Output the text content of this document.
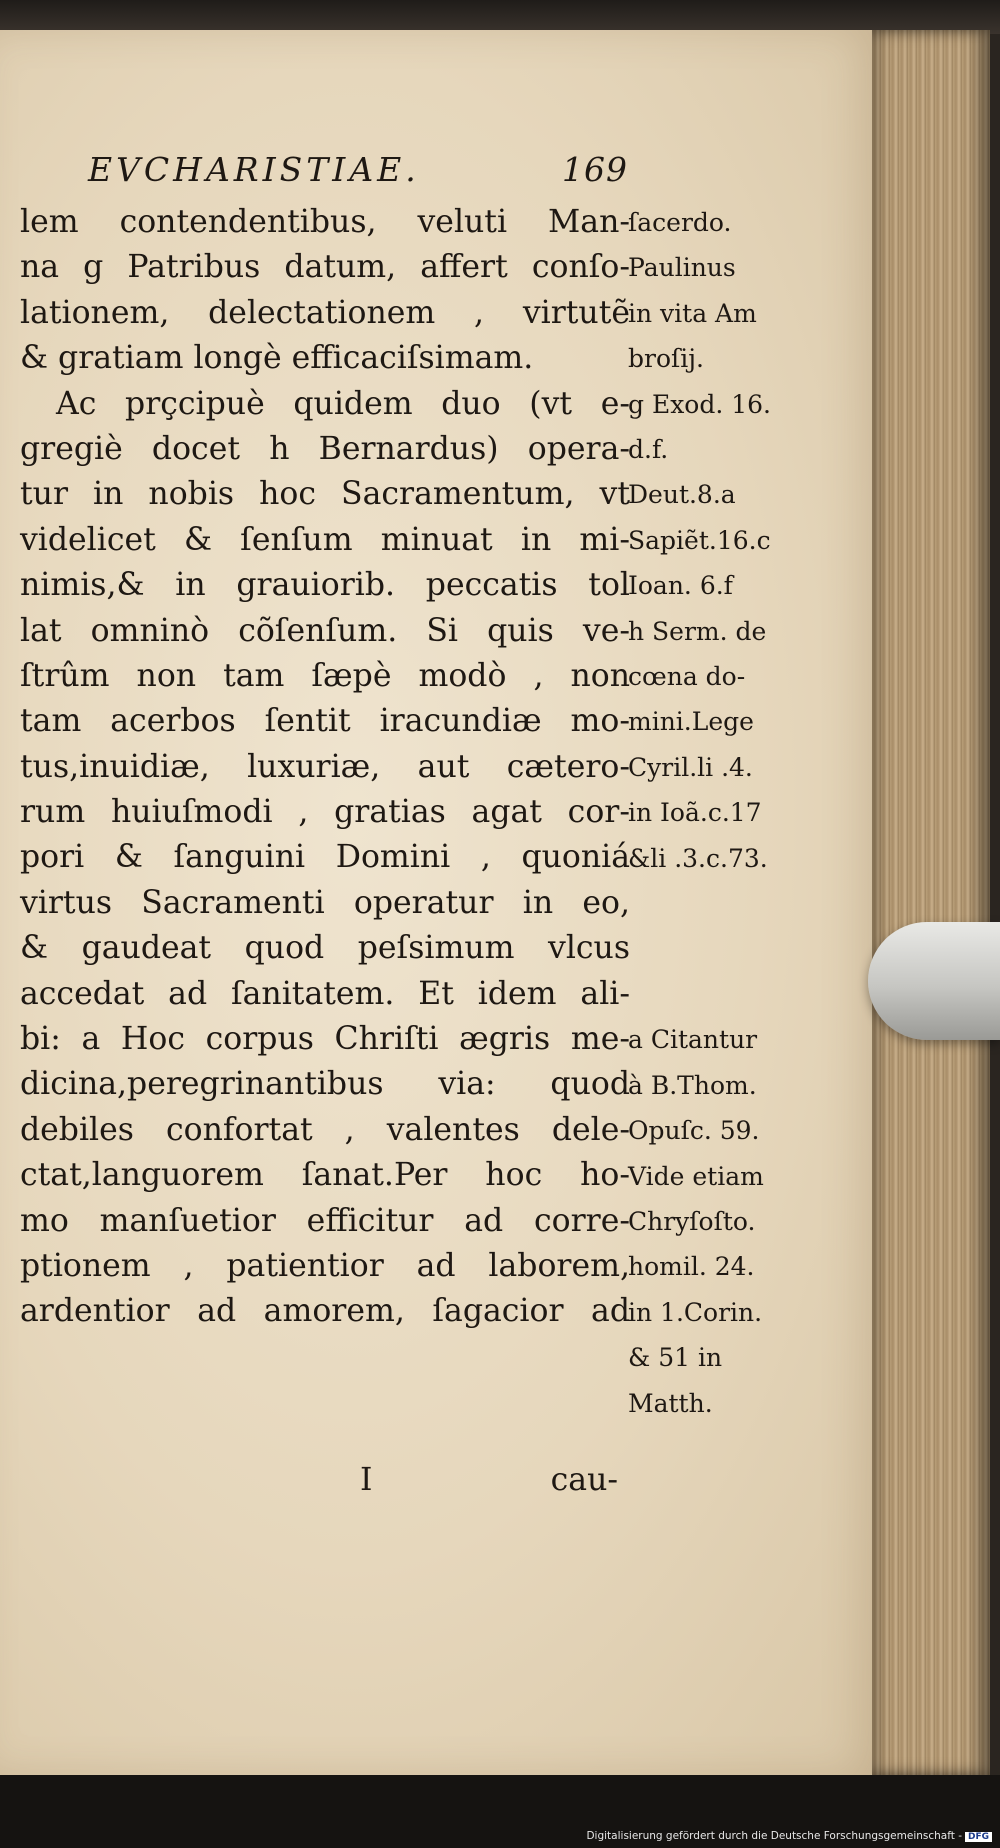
EVCHARISTIAE.	169
lem contendentibus, veluti Man-
na g Patribus datum, affert conſo-
lationem, delectationem , virtutẽ
& gratiam longè efficaciſsimam.
Ac prçcipuè quidem duo (vt e-
gregiè docet h Bernardus) opera-
tur in nobis hoc Sacramentum, vt
videlicet & ſenſum minuat in mi-
nimis,& in grauiorib. peccatis tol
lat omninò cõſenſum. Si quis ve-
ſtrûm non tam ſæpè modò , non
tam acerbos ſentit iracundiæ mo-
tus,inuidiæ, luxuriæ, aut cætero-
rum huiuſmodi , gratias agat cor-
pori & ſanguini Domini , quoniá
virtus Sacramenti operatur in eo,
& gaudeat quod peſsimum vlcus
accedat ad ſanitatem. Et idem ali-
bi: a Hoc corpus Chriſti ægris me-
dicina,peregrinantibus via: quod
debiles confortat , valentes dele-
ctat,languorem ſanat.Per hoc ho-
mo manſuetior efficitur ad corre-
ptionem , patientior ad laborem,
ardentior ad amorem, ſagacior ad
ſacerdo.
Paulinus
in vita Am
broſij.
g Exod. 16.
d.f.
Deut.8.a
Sapiẽt.16.c
Ioan. 6.f
h Serm. de
cœna do-
mini.Lege
Cyril.li .4.
in Ioã.c.17
&li .3.c.73.

a Citantur
à B.Thom.
Opuſc. 59.
Vide etiam
Chryſoſto.
homil. 24.
in 1.Corin.
& 51 in
Matth.
I	cau-
Digitalisierung gefördert durch die Deutsche Forschungsgemeinschaft - DFG
